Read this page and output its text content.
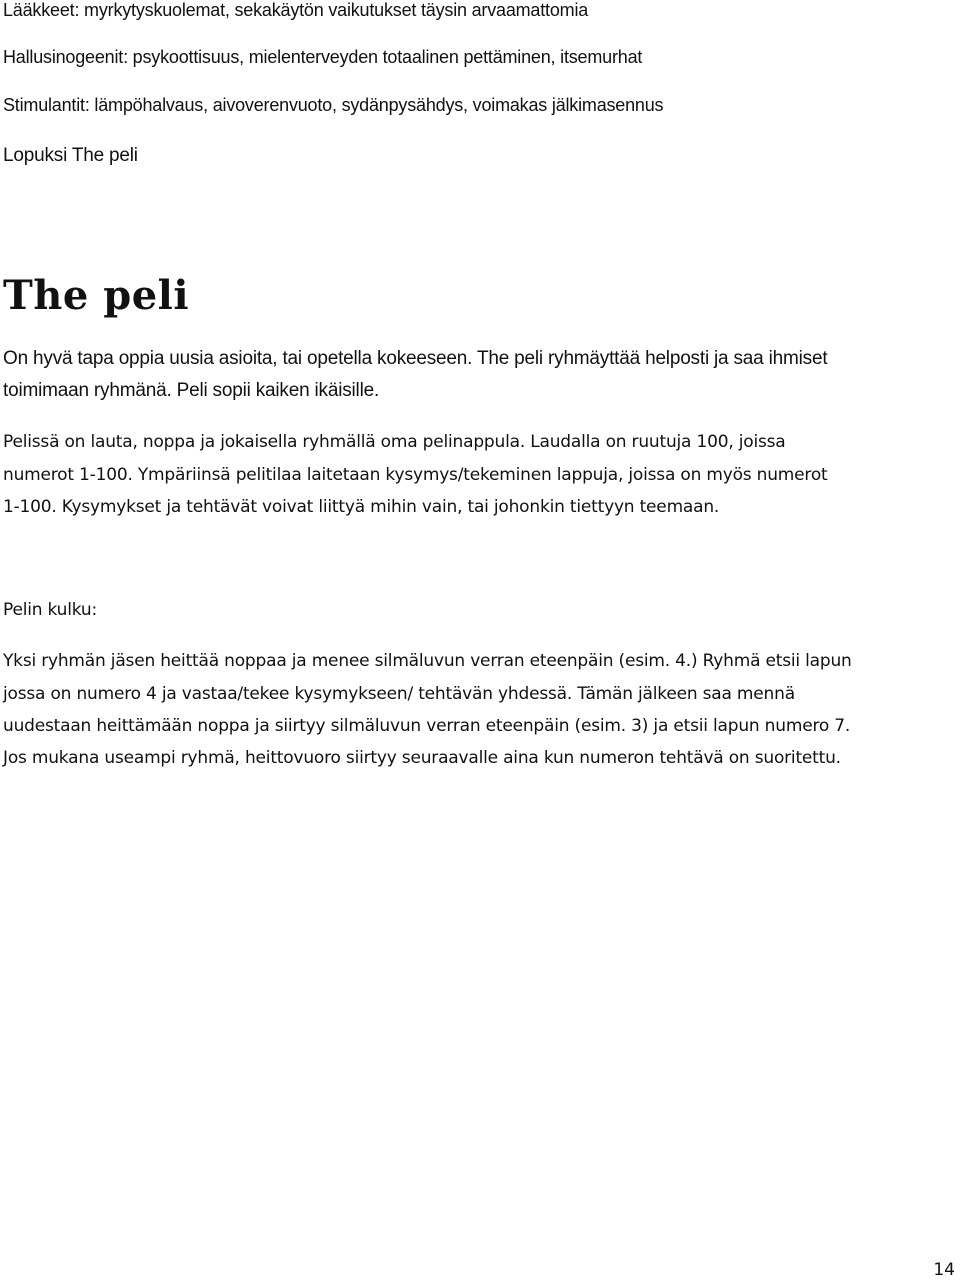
Lääkkeet: myrkytyskuolemat, sekakäytön vaikutukset täysin arvaamattomia

Hallusinogeenit: psykoottisuus, mielenterveyden totaalinen pettäminen, itsemurhat

Stimulantit: lämpöhalvaus, aivoverenvuoto, sydänpysähdys, voimakas jälkimasennus

Lopuksi The peli

The peli

On hyvä tapa oppia uusia asioita, tai opetella kokeeseen. The peli ryhmäyttää helposti ja saa ihmiset

toimimaan ryhmänä. Peli sopii kaiken ikäisille.

Pelissä on lauta, noppa ja jokaisella ryhmällä oma pelinappula. Laudalla on ruutuja 100, joissa

numerot 1-100. Ympäriinsä pelitilaa laitetaan kysymys/tekeminen lappuja, joissa on myös numerot

1-100. Kysymykset ja tehtävät voivat liittyä mihin vain, tai johonkin tiettyyn teemaan.

Pelin kulku:

Yksi ryhmän jäsen heittää noppaa ja menee silmäluvun verran eteenpäin (esim. 4.) Ryhmä etsii lapun

jossa on numero 4 ja vastaa/tekee kysymykseen/ tehtävän yhdessä. Tämän jälkeen saa mennä

uudestaan heittämään noppa ja siirtyy silmäluvun verran eteenpäin (esim. 3) ja etsii lapun numero 7.

Jos mukana useampi ryhmä, heittovuoro siirtyy seuraavalle aina kun numeron tehtävä on suoritettu.

14
